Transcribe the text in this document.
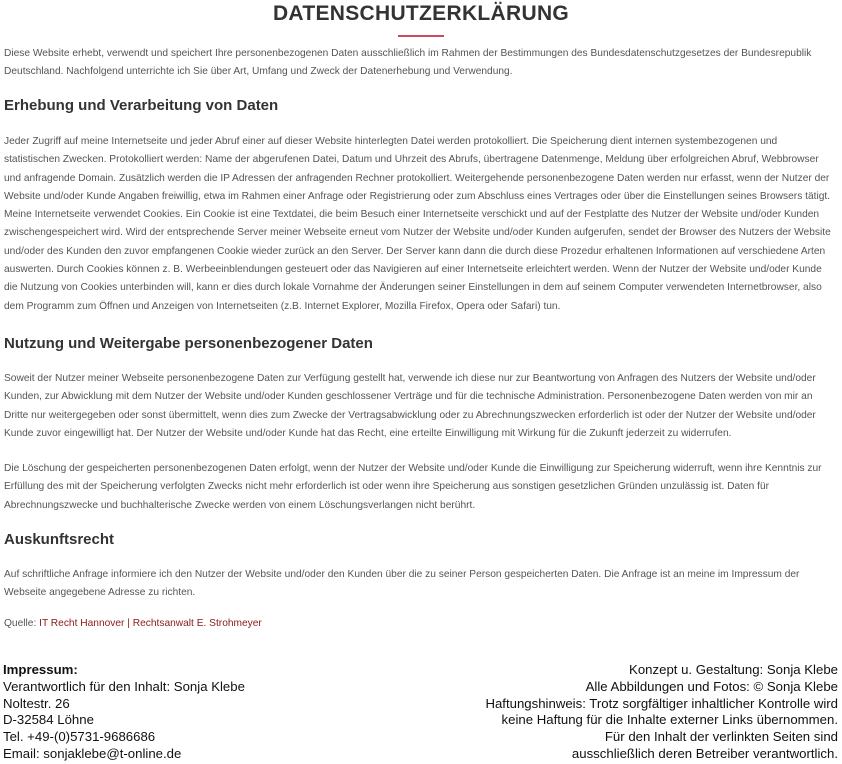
DATENSCHUTZERKLÄRUNG

Diese Website erhebt, verwendt und speichert Ihre personenbezogenen Daten ausschließlich im Rahmen der Bestimmungen des Bundesdatenschutzgesetzes der Bundesrepublik Deutschland. Nachfolgend unterrichte ich Sie über Art, Umfang und Zweck der Datenerhebung und Verwendung.

Erhebung und Verarbeitung von Daten

Jeder Zugriff auf meine Internetseite und jeder Abruf einer auf dieser Website hinterlegten Datei werden protokolliert. Die Speicherung dient internen systembezogenen und statistischen Zwecken. Protokolliert werden: Name der abgerufenen Datei, Datum und Uhrzeit des Abrufs, übertragene Datenmenge, Meldung über erfolgreichen Abruf, Webbrowser und anfragende Domain. Zusätzlich werden die IP Adressen der anfragenden Rechner protokolliert. Weitergehende personenbezogene Daten werden nur erfasst, wenn der Nutzer der Website und/oder Kunde Angaben freiwillig, etwa im Rahmen einer Anfrage oder Registrierung oder zum Abschluss eines Vertrages oder über die Einstellungen seines Browsers tätigt. Meine Internetseite verwendet Cookies. Ein Cookie ist eine Textdatei, die beim Besuch einer Internetseite verschickt und auf der Festplatte des Nutzer der Website und/oder Kunden zwischengespeichert wird. Wird der entsprechende Server meiner Webseite erneut vom Nutzer der Website und/oder Kunden aufgerufen, sendet der Browser des Nutzers der Website und/oder des Kunden den zuvor empfangenen Cookie wieder zurück an den Server. Der Server kann dann die durch diese Prozedur erhaltenen Informationen auf verschiedene Arten auswerten. Durch Cookies können z. B. Werbeeinblendungen gesteuert oder das Navigieren auf einer Internetseite erleichtert werden. Wenn der Nutzer der Website und/oder Kunde die Nutzung von Cookies unterbinden will, kann er dies durch lokale Vornahme der Änderungen seiner Einstellungen in dem auf seinem Computer verwendeten Internetbrowser, also dem Programm zum Öffnen und Anzeigen von Internetseiten (z.B. Internet Explorer, Mozilla Firefox, Opera oder Safari) tun.

Nutzung und Weitergabe personenbezogener Daten

Soweit der Nutzer meiner Webseite personenbezogene Daten zur Verfügung gestellt hat, verwende ich diese nur zur Beantwortung von Anfragen des Nutzers der Website und/oder Kunden, zur Abwicklung mit dem Nutzer der Website und/oder Kunden geschlossener Verträge und für die technische Administration. Personenbezogene Daten werden von mir an Dritte nur weitergegeben oder sonst übermittelt, wenn dies zum Zwecke der Vertragsabwicklung oder zu Abrechnungszwecken erforderlich ist oder der Nutzer der Website und/oder Kunde zuvor eingewilligt hat. Der Nutzer der Website und/oder Kunde hat das Recht, eine erteilte Einwilligung mit Wirkung für die Zukunft jederzeit zu widerrufen.

Die Löschung der gespeicherten personenbezogenen Daten erfolgt, wenn der Nutzer der Website und/oder Kunde die Einwilligung zur Speicherung widerruft, wenn ihre Kenntnis zur Erfüllung des mit der Speicherung verfolgten Zwecks nicht mehr erforderlich ist oder wenn ihre Speicherung aus sonstigen gesetzlichen Gründen unzulässig ist. Daten für Abrechnungszwecke und buchhalterische Zwecke werden von einem Löschungsverlangen nicht berührt.

Auskunftsrecht

Auf schriftliche Anfrage informiere ich den Nutzer der Website und/oder den Kunden über die zu seiner Person gespeicherten Daten. Die Anfrage ist an meine im Impressum der Webseite angegebene Adresse zu richten.

Quelle: IT Recht Hannover | Rechtsanwalt E. Strohmeyer
Impressum:
Verantwortlich für den Inhalt: Sonja Klebe
Noltestr. 26
D-32584 Löhne
Tel. +49-(0)5731-9686686
Email: sonjaklebe@t-online.de
Konzept u. Gestaltung: Sonja Klebe
Alle Abbildungen und Fotos: © Sonja Klebe
Haftungshinweis: Trotz sorgfältiger inhaltlicher Kontrolle wird
keine Haftung für die Inhalte externer Links übernommen.
Für den Inhalt der verlinkten Seiten sind
ausschließlich deren Betreiber verantwortlich.
